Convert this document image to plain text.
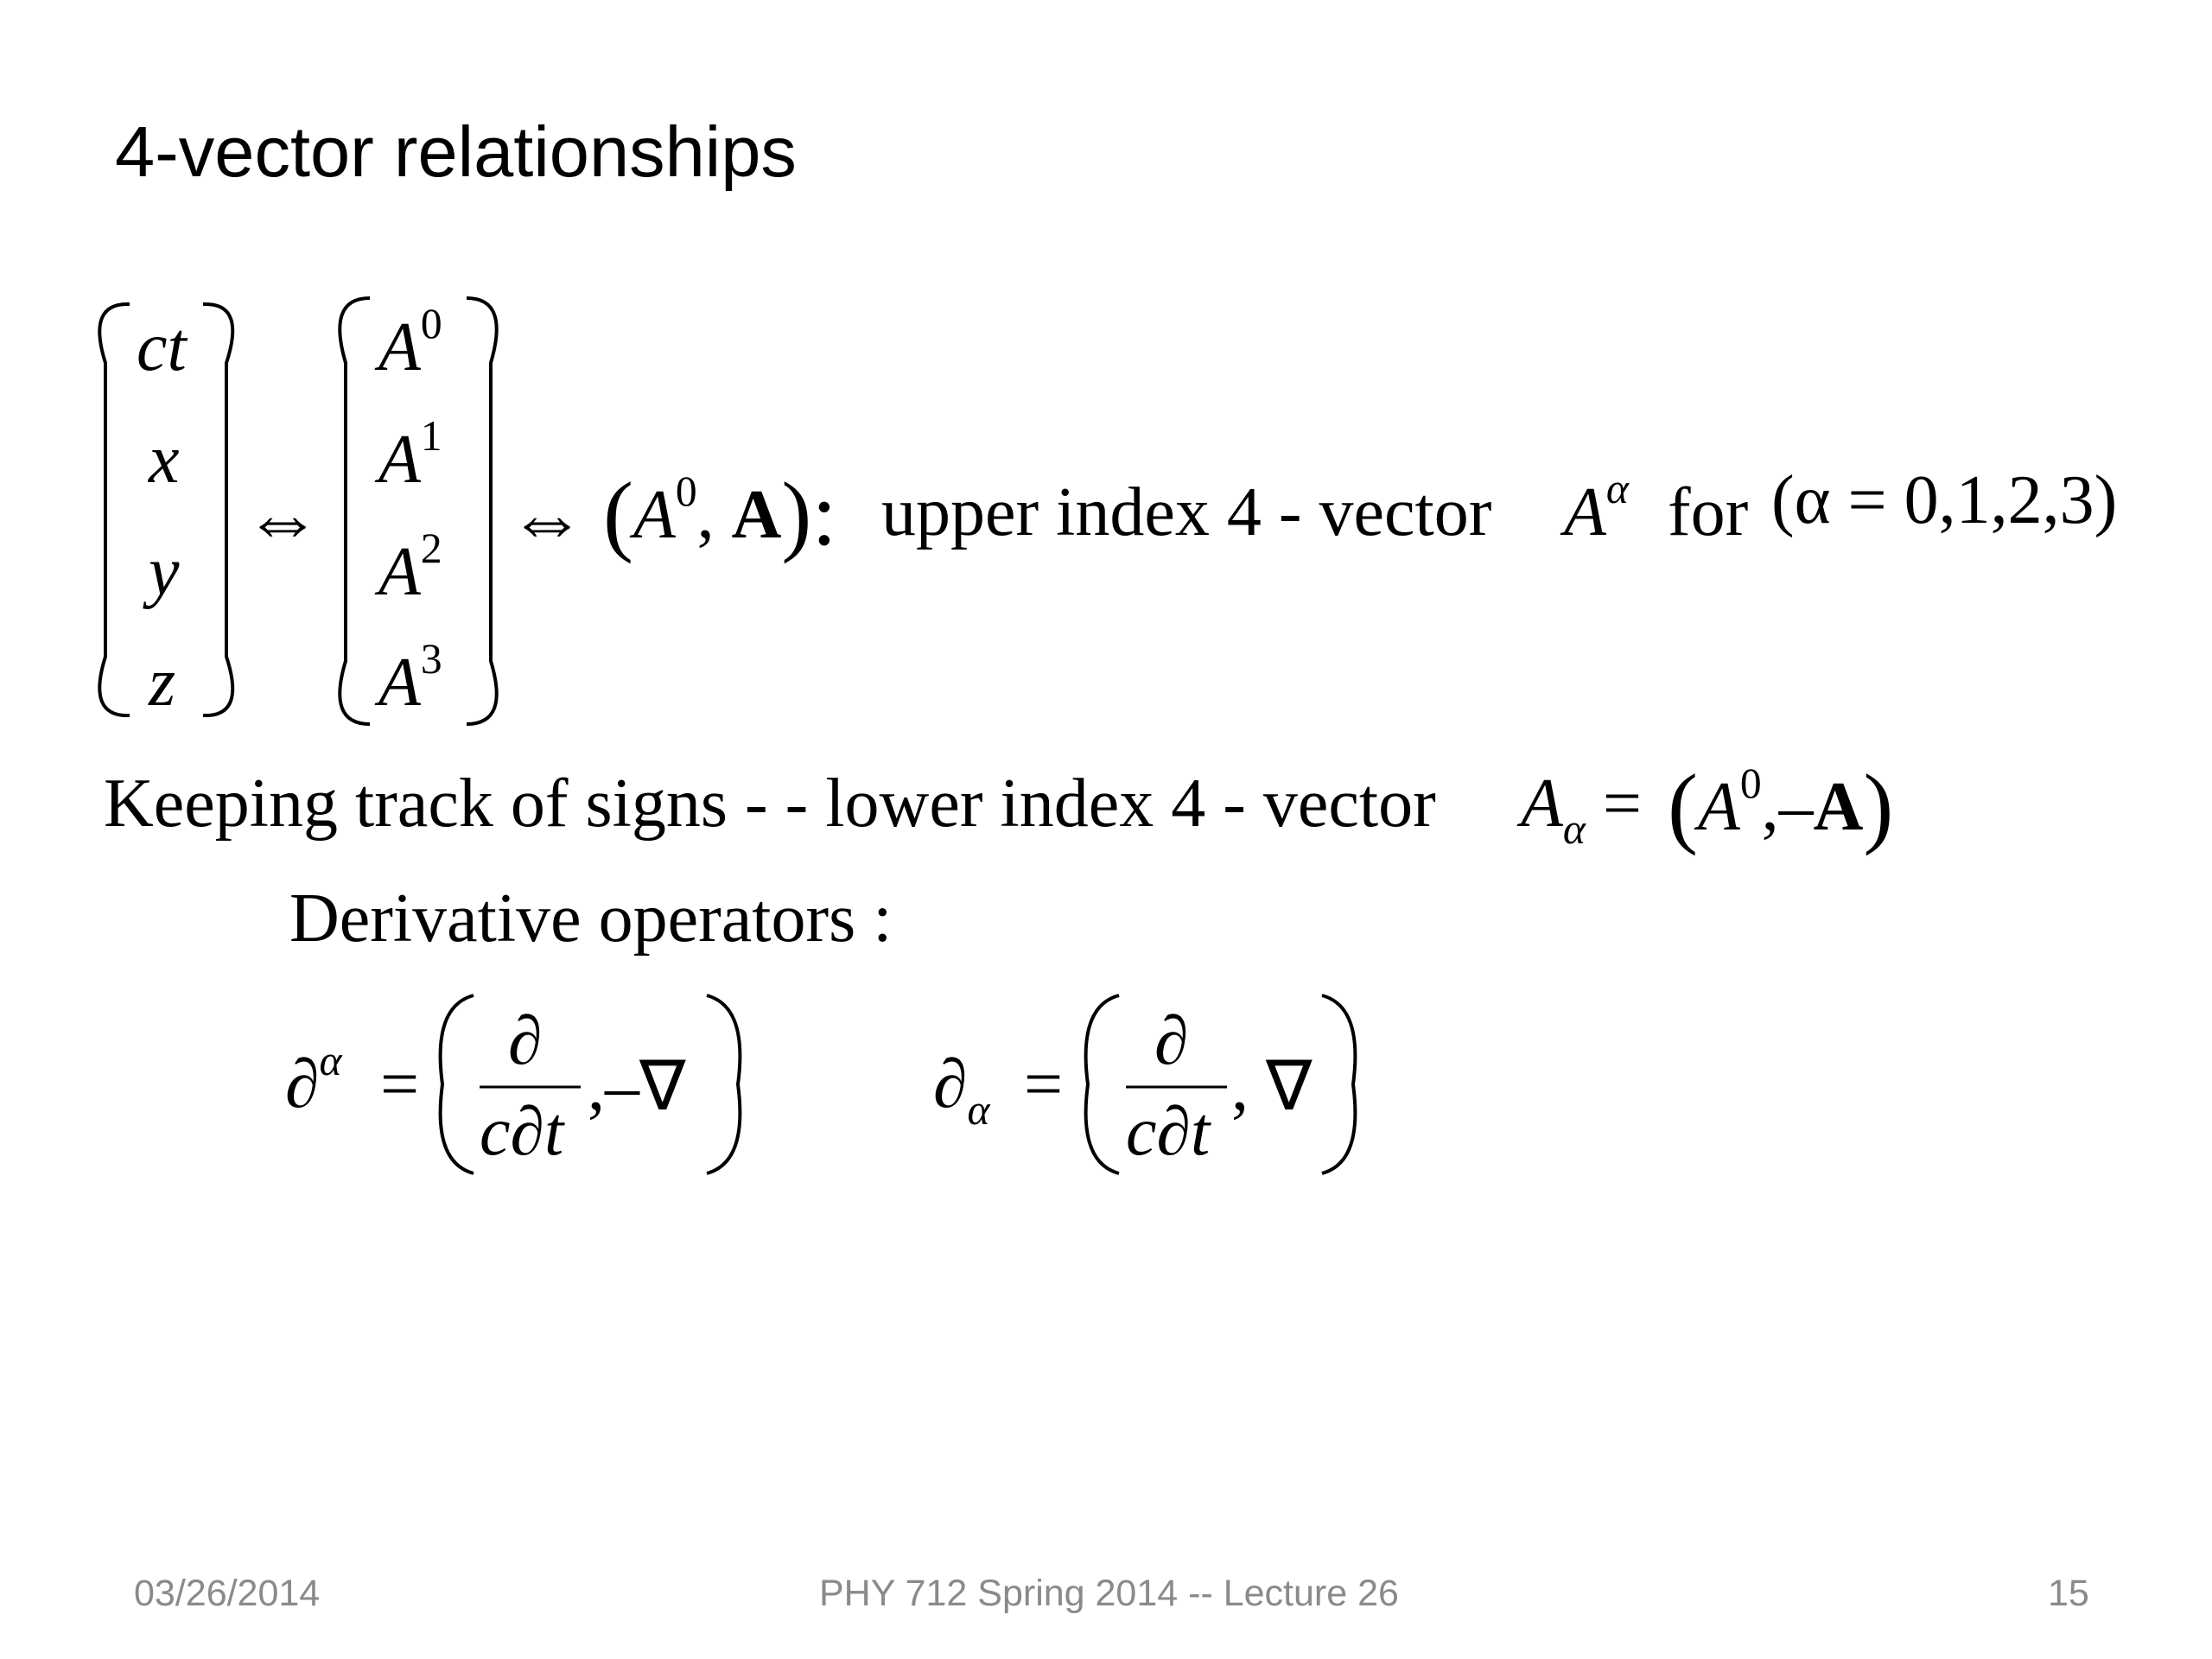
4-vector relationships
ct
x
y
z
⇔
$A^0$
$A^1$
$A^2$
$A^3$
⇔ ($A^0$, A): upper index 4 - vector $A^\alpha$ for (α = 0,1,2,3)
Keeping track of signs - - lower index 4 - vector $A_\alpha = (A^0,-A)$
Derivative operators :
∂$^\alpha$ =
∂
c∂t
,–∇	$\partial_\alpha$ =
∂
c∂t
, ∇
03/26/2014	PHY 712 Spring 2014 -- Lecture 26	15
